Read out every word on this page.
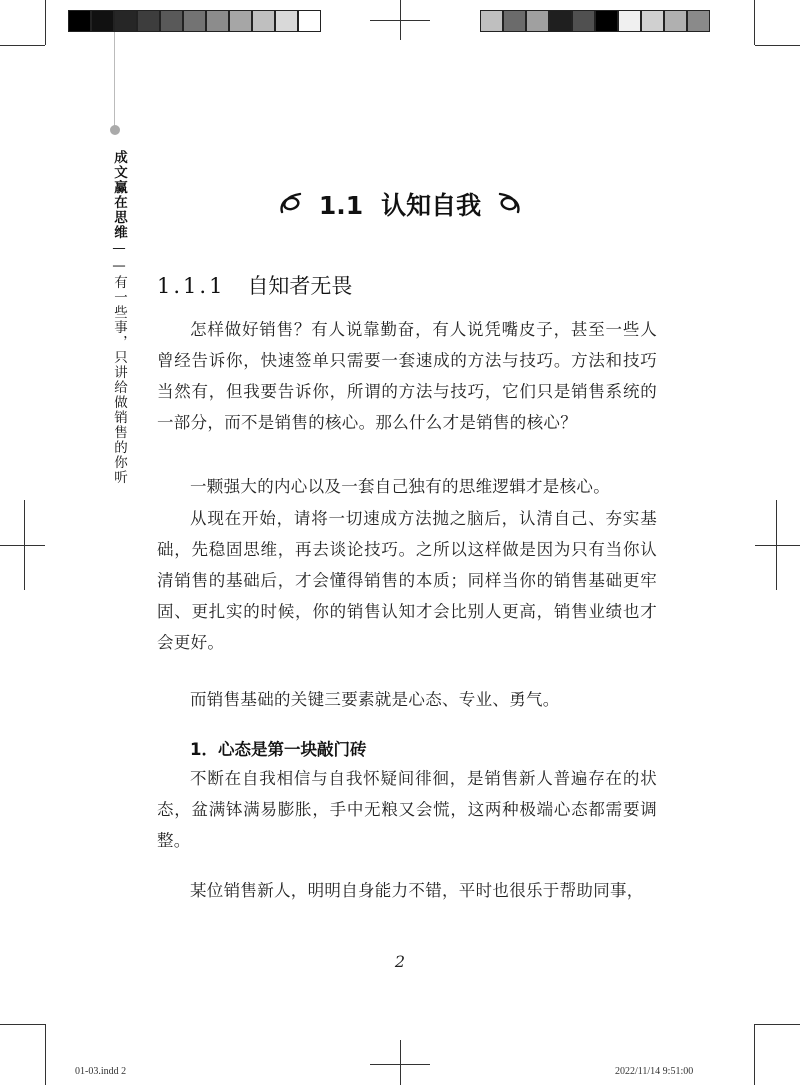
成文赢在思维——有一些事，只讲给做销售的你听
1.1 认知自我
1.1.1 自知者无畏

怎样做好销售？有人说靠勤奋，有人说凭嘴皮子，甚至一些人曾经告诉你，快速签单只需要一套速成的方法与技巧。方法和技巧当然有，但我要告诉你，所谓的方法与技巧，它们只是销售系统的一部分，而不是销售的核心。那么什么才是销售的核心？

一颗强大的内心以及一套自己独有的思维逻辑才是核心。

从现在开始，请将一切速成方法抛之脑后，认清自己、夯实基础，先稳固思维，再去谈论技巧。之所以这样做是因为只有当你认清销售的基础后，才会懂得销售的本质；同样当你的销售基础更牢固、更扎实的时候，你的销售认知才会比别人更高，销售业绩也才会更好。

而销售基础的关键三要素就是心态、专业、勇气。

1．心态是第一块敲门砖

不断在自我相信与自我怀疑间徘徊，是销售新人普遍存在的状态，盆满钵满易膨胀，手中无粮又会慌，这两种极端心态都需要调整。

某位销售新人，明明自身能力不错，平时也很乐于帮助同事，

2
01-03.indd 2	2022/11/14 9:51:00
